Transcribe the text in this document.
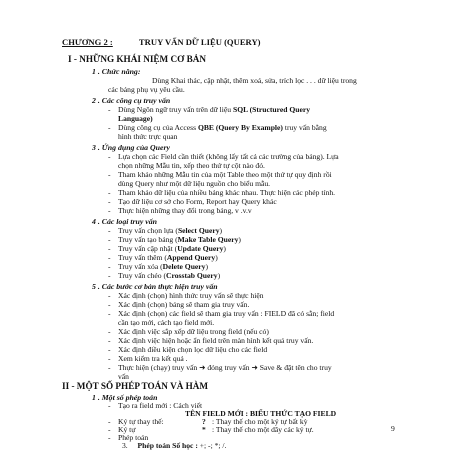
CHƯƠNG 2 :	TRUY VẤN DỮ LIỆU (QUERY)
I - NHỮNG KHÁI NIỆM CƠ BẢN
1 . Chức năng:
Dùng Khai thác, cập nhật, thêm xoá, sửa, trích lọc . . . dữ liệu trong
các bảng phụ vụ yêu cầu.
2 . Các công cụ truy vấn
- Dùng Ngôn ngữ truy vấn trên dữ liệu SQL (Structured Query
Language)
- Dùng công cụ của Access QBE (Query By Example) truy vấn bằng
hình thức trực quan
3 . Ứng dụng của Query
- Lựa chọn các Field cần thiết (không lấy tất cả các trường của bảng). Lựa
chọn những Mẫu tin, xếp theo thứ tự cột nào đó.
- Tham khảo những Mẫu tin của một Table theo một thứ tự quy định rồi
dùng Query như một dữ liệu nguồn cho biểu mẫu.
- Tham khảo dữ liệu của nhiều bảng khác nhau. Thực hiện các phép tính.
- Tạo dữ liệu cơ sở cho Form, Report hay Query khác
- Thực hiện những thay đổi trong bảng, v .v.v
4 . Các loại truy vấn
- Truy vấn chọn lựa (Select Query)
- Truy vấn tạo bảng (Make Table Query)
- Truy vấn cập nhật (Update Query)
- Truy vấn thêm (Append Query)
- Truy vấn xóa (Delete Query)
- Truy vấn chéo (Crosstab Query)
5 . Các bước cơ bản thực hiện truy vấn
- Xác định (chọn) hình thức truy vấn sẽ thực hiện
- Xác định (chọn) bảng sẽ tham gia truy vấn.
- Xác định (chọn) các field sẽ tham gia truy vấn : FIELD đã có sẵn; field
cần tạo mới, cách tạo field mới.
- Xác định việc sắp xếp dữ liệu trong field (nếu có)
- Xác định việc hiện hoặc ẩn field trên màn hình kết quả truy vấn.
- Xác định điều kiện chọn lọc dữ liệu cho các field
- Xem kiểm tra kết quả .
- Thực hiện (chạy) truy vấn ➜ đóng truy vấn ➜ Save & đặt tên cho truy
vấn
II - MỘT SỐ PHÉP TOÁN VÀ HÀM
1 . Một số phép toán
- Tạo ra field mới : Cách viết
TÊN FIELD MỚI : BIỂU THỨC TẠO FIELD
- Ký tự thay thế:	? : Thay thế cho một ký tự bất kỳ
- Ký tự	* : Thay thế cho một dãy các ký tự.
- Phép toán
3. Phép toán Số học : +; -; *; /.
9
